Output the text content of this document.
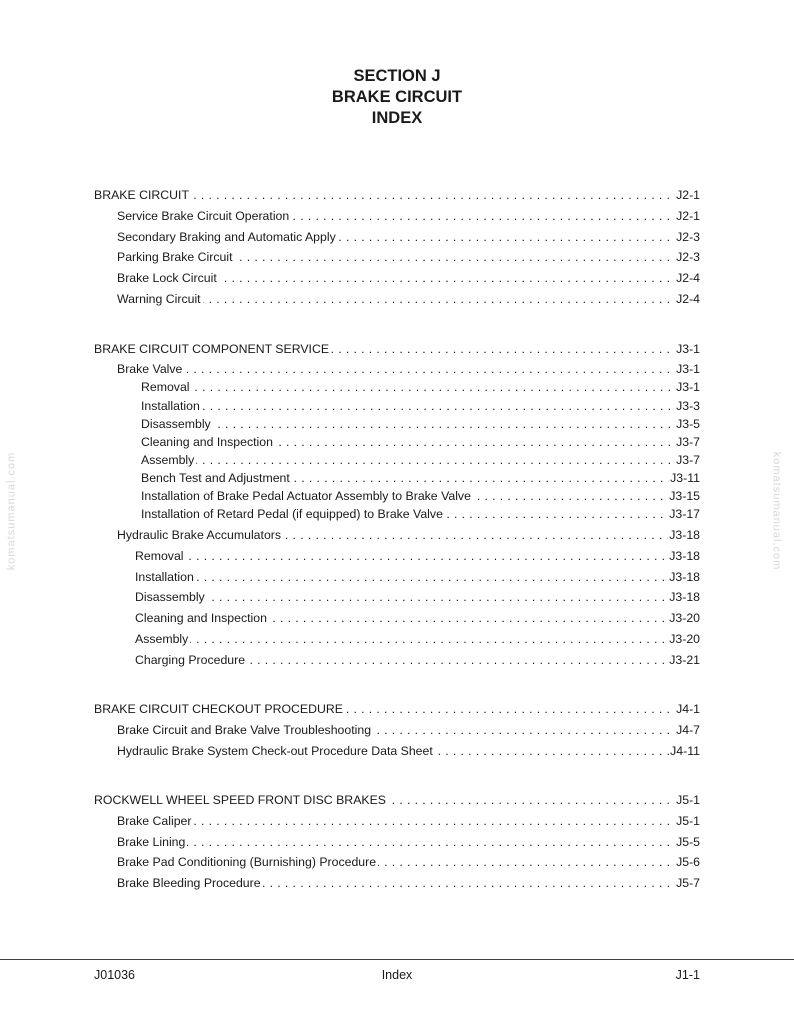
SECTION J
BRAKE CIRCUIT
INDEX
komatsumanual.com	komatsumanual.com
. . . BRAKE CIRCUIT	J2-1
. . . Service Brake Circuit Operation	J2-1
. . . Secondary Braking and Automatic Apply	J2-3
. . . Parking Brake Circuit	J2-3
. . . Brake Lock Circuit	J2-4
. . . Warning Circuit	J2-4
. . . BRAKE CIRCUIT COMPONENT SERVICE	J3-1
. . . Brake Valve	J3-1
. . . Removal	J3-1
. . . Installation	J3-3
. . . Disassembly	J3-5
. . . Cleaning and Inspection	J3-7
. . . Assembly	J3-7
. . . Bench Test and Adjustment	J3-11
. . . Installation of Brake Pedal Actuator Assembly to Brake Valve	J3-15
. . . Installation of Retard Pedal (if equipped) to Brake Valve	J3-17
. . . Hydraulic Brake Accumulators	J3-18
. . . Removal	J3-18
. . . Installation	J3-18
. . . Disassembly	J3-18
. . . Cleaning and Inspection	J3-20
. . . Assembly	J3-20
. . . Charging Procedure	J3-21
. . . BRAKE CIRCUIT CHECKOUT PROCEDURE	J4-1
. . . Brake Circuit and Brake Valve Troubleshooting	J4-7
. . . Hydraulic Brake System Check-out Procedure Data Sheet	J4-11
. . . ROCKWELL WHEEL SPEED FRONT DISC BRAKES	J5-1
. . . Brake Caliper	J5-1
. . . Brake Lining	J5-5
. . . Brake Pad Conditioning (Burnishing) Procedure	J5-6
. . . Brake Bleeding Procedure	J5-7
J01036	Index	J1-1
